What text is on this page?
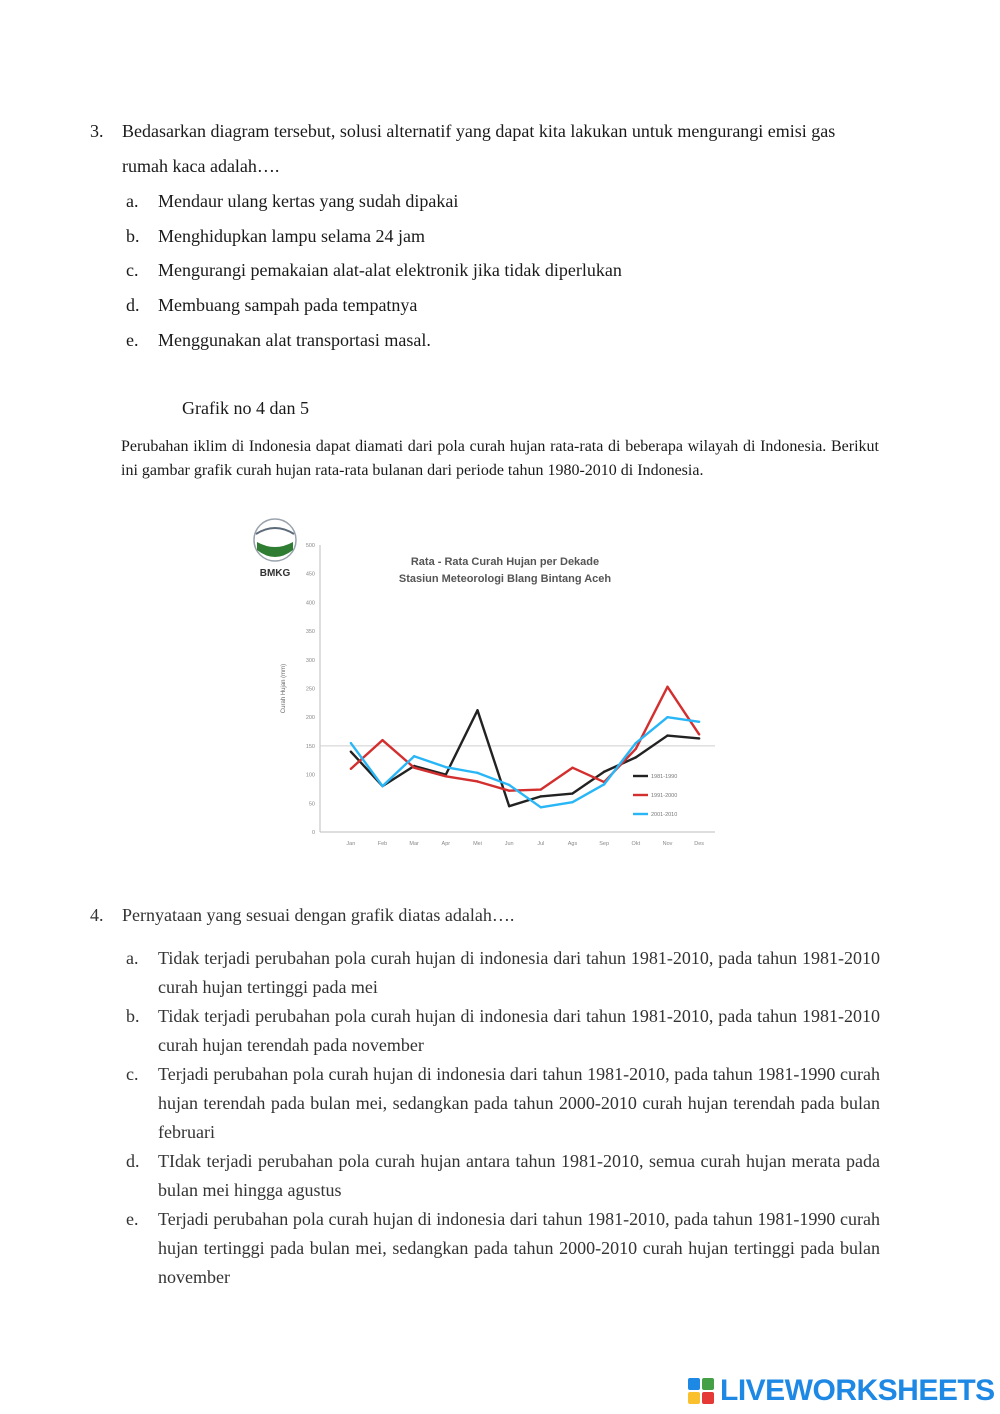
3. Bedasarkan diagram tersebut, solusi alternatif yang dapat kita lakukan untuk mengurangi emisi gas rumah kaca adalah….
a. Mendaur ulang kertas yang sudah dipakai
b. Menghidupkan lampu selama 24 jam
c. Mengurangi pemakaian alat-alat elektronik jika tidak diperlukan
d. Membuang sampah pada tempatnya
e. Menggunakan alat transportasi masal.
Grafik no 4 dan 5
Perubahan iklim di Indonesia dapat diamati dari pola curah hujan rata-rata di beberapa wilayah di Indonesia. Berikut ini gambar grafik curah hujan rata-rata bulanan dari periode tahun 1980-2010 di Indonesia.
BMKG
0
50
100
150
200
250
300
350
400
450
500
Jan	Feb	Mar	Apr	Mei	Jun	Jul	Ags	Sep	Okt	Nov	Des
Curah Hujan (mm)
Rata - Rata Curah Hujan per Dekade
Stasiun Meteorologi Blang Bintang Aceh
1981-1990
1991-2000
2001-2010
4. Pernyataan yang sesuai dengan grafik diatas adalah….
a. Tidak terjadi perubahan pola curah hujan di indonesia dari tahun 1981-2010, pada tahun 1981-2010 curah hujan tertinggi pada mei
b. Tidak terjadi perubahan pola curah hujan di indonesia dari tahun 1981-2010, pada tahun 1981-2010 curah hujan terendah pada november
c. Terjadi perubahan pola curah hujan di indonesia dari tahun 1981-2010, pada tahun 1981-1990 curah hujan terendah pada bulan mei, sedangkan pada tahun 2000-2010 curah hujan terendah pada bulan februari
d. TIdak terjadi perubahan pola curah hujan antara tahun 1981-2010, semua curah hujan merata pada bulan mei hingga agustus
e. Terjadi perubahan pola curah hujan di indonesia dari tahun 1981-2010, pada tahun 1981-1990 curah hujan tertinggi pada bulan mei, sedangkan pada tahun 2000-2010 curah hujan tertinggi pada bulan november
LIVEWORKSHEETS
